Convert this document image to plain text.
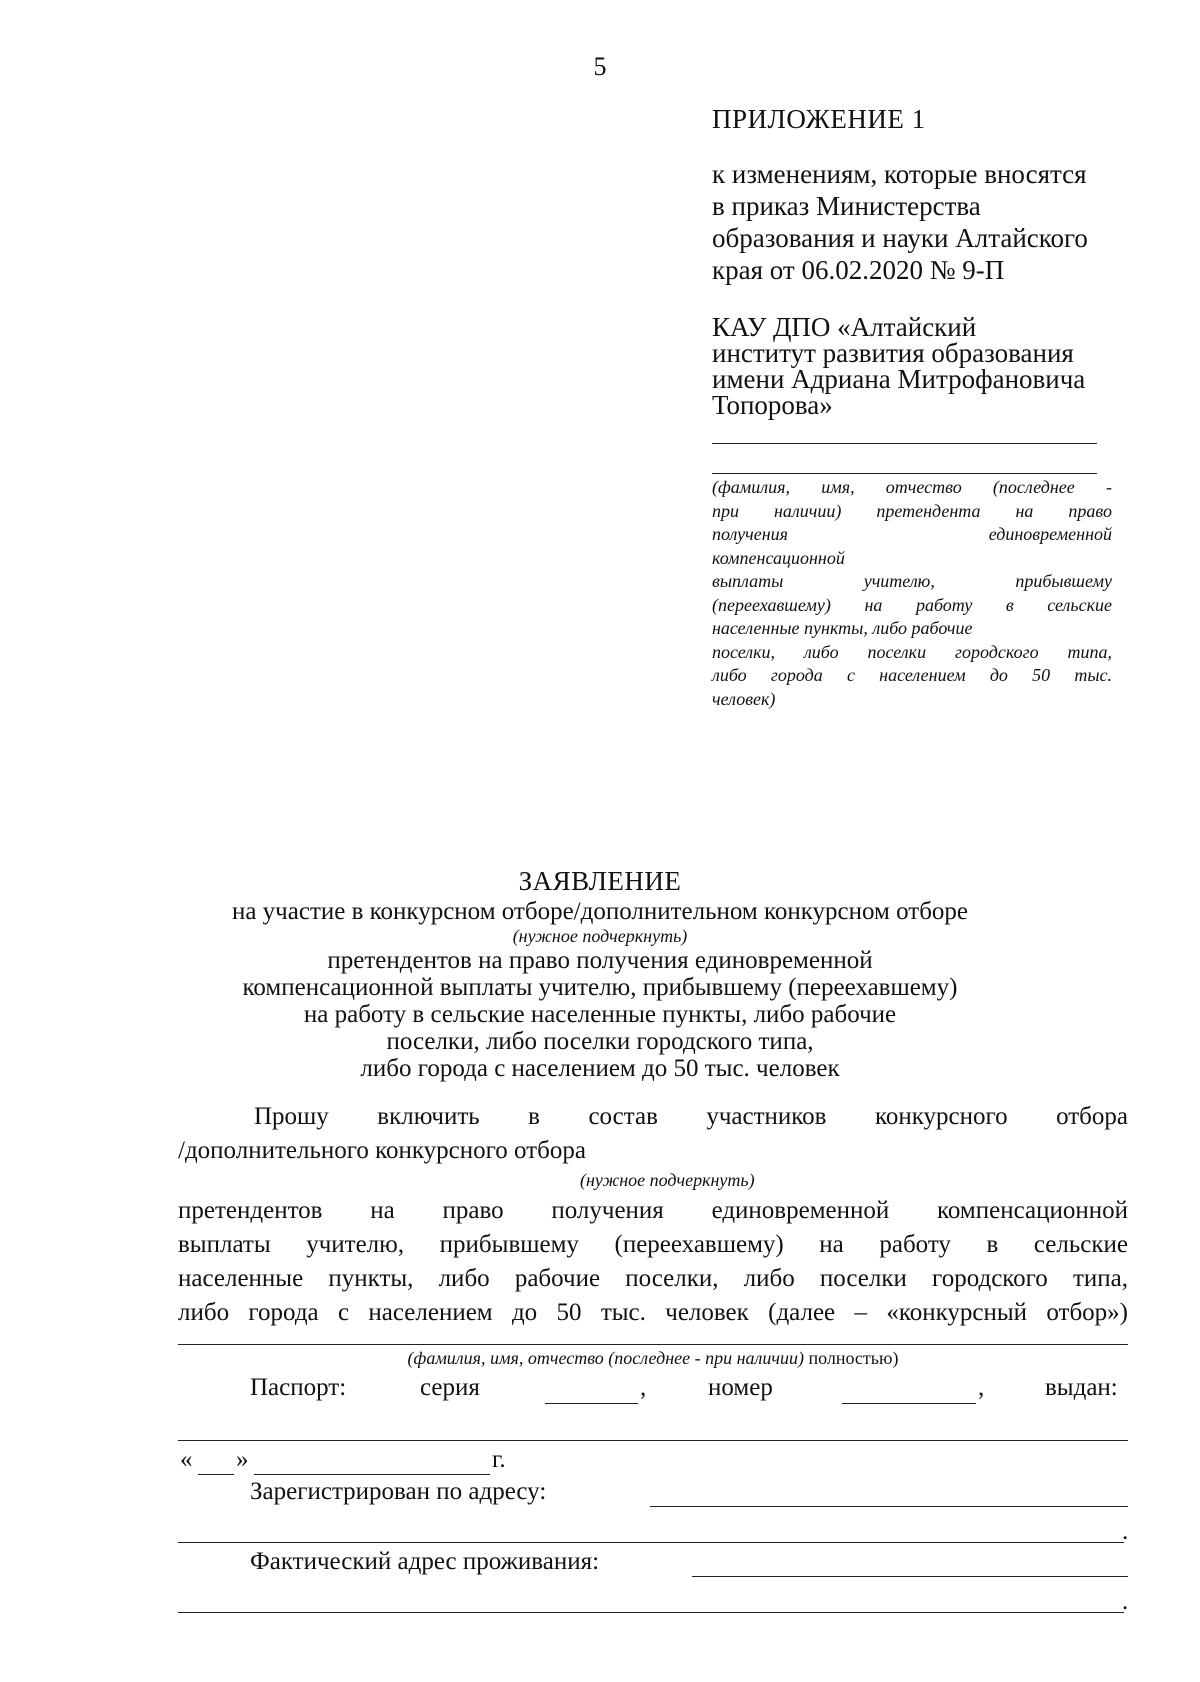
5
ПРИЛОЖЕНИЕ 1
к изменениям, которые вносятся
в приказ Министерства
образования и науки Алтайского
края от 06.02.2020 № 9-П
КАУ ДПО «Алтайский
институт развития образования
имени Адриана Митрофановича
Топорова»
(фамилия, имя, отчество (последнее -
при наличии) претендента на право
получения единовременной
компенсационной
выплаты учителю, прибывшему
(переехавшему) на работу в сельские
населенные пункты, либо рабочие
поселки, либо поселки городского типа,
либо города с населением до 50 тыс.
человек)
ЗАЯВЛЕНИЕ
на участие в конкурсном отборе/дополнительном конкурсном отборе
(нужное подчеркнуть)
претендентов на право получения единовременной
компенсационной выплаты учителю, прибывшему (переехавшему)
на работу в сельские населенные пункты, либо рабочие
поселки, либо поселки городского типа,
либо города с населением до 50 тыс. человек
Прошу включить в состав участников конкурсного отбора
/дополнительного конкурсного отбора
(нужное подчеркнуть)
претендентов на право получения единовременной компенсационной
выплаты учителю, прибывшему (переехавшему) на работу в сельские
населенные пункты, либо рабочие поселки, либо поселки городского типа,
либо города с населением до 50 тыс. человек (далее – «конкурсный отбор»)
(фамилия, имя, отчество (последнее - при наличии) полностью)
Паспорт:	серия	, номер	, выдан:
« »	г.
Зарегистрирован по адресу:
.
Фактический адрес проживания:
.
